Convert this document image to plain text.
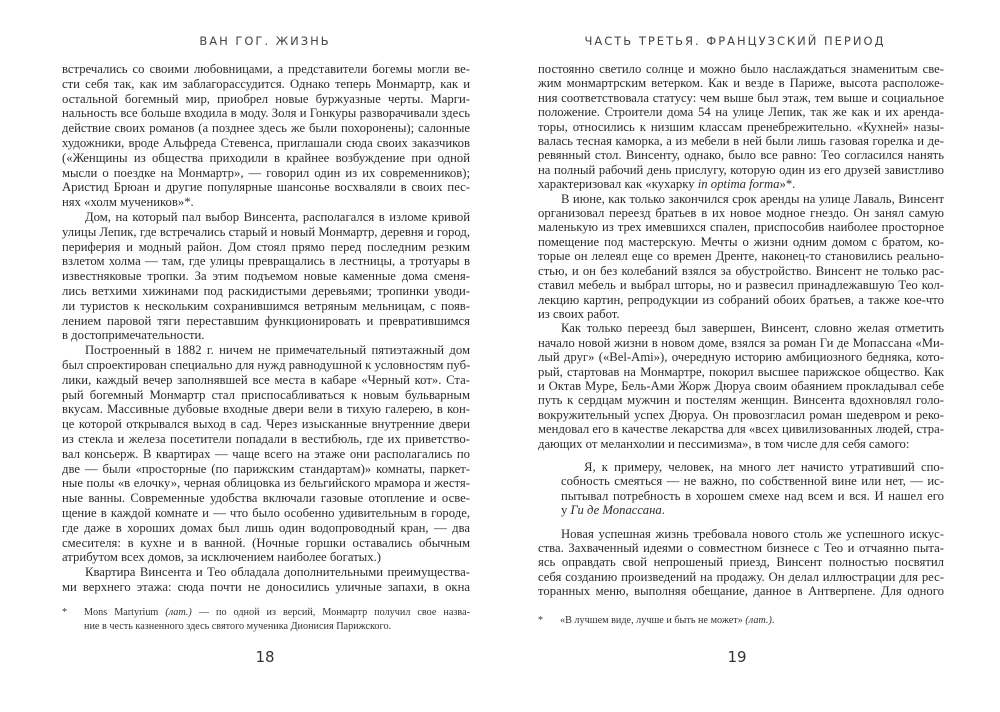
ВАН ГОГ. ЖИЗНЬ
встречались со своими любовницами, а представители богемы могли ве-
сти себя так, как им заблагорассудится. Однако теперь Монмартр, как и
остальной богемный мир, приобрел новые буржуазные черты. Марги-
нальность все больше входила в моду. Золя и Гонкуры разворачивали здесь
действие своих романов (а позднее здесь же были похоронены); салонные
художники, вроде Альфреда Стевенса, приглашали сюда своих заказчиков
(«Женщины из общества приходили в крайнее возбуждение при одной
мысли о поездке на Монмартр», — говорил один из их современников);
Аристид Брюан и другие популярные шансонье восхваляли в своих пес-
нях «холм мучеников»*.
Дом, на который пал выбор Винсента, располагался в изломе кривой
улицы Лепик, где встречались старый и новый Монмартр, деревня и город,
периферия и модный район. Дом стоял прямо перед последним резким
взлетом холма — там, где улицы превращались в лестницы, а тротуары в
известняковые тропки. За этим подъемом новые каменные дома сменя-
лись ветхими хижинами под раскидистыми деревьями; тропинки уводи-
ли туристов к нескольким сохранившимся ветряным мельницам, с появ-
лением паровой тяги переставшим функционировать и превратившимся
в достопримечательности.
Построенный в 1882 г. ничем не примечательный пятиэтажный дом
был спроектирован специально для нужд равнодушной к условностям пуб-
лики, каждый вечер заполнявшей все места в кабаре «Черный кот». Ста-
рый богемный Монмартр стал приспосабливаться к новым бульварным
вкусам. Массивные дубовые входные двери вели в тихую галерею, в кон-
це которой открывался выход в сад. Через изысканные внутренние двери
из стекла и железа посетители попадали в вестибюль, где их приветство-
вал консьерж. В квартирах — чаще всего на этаже они располагались по
две — были «просторные (по парижским стандартам)» комнаты, паркет-
ные полы «в елочку», черная облицовка из бельгийского мрамора и жестя-
ные ванны. Современные удобства включали газовые отопление и осве-
щение в каждой комнате и — что было особенно удивительным в городе,
где даже в хороших домах был лишь один водопроводный кран, — два
смесителя: в кухне и в ванной. (Ночные горшки оставались обычным
атрибутом всех домов, за исключением наиболее богатых.)
Квартира Винсента и Тео обладала дополнительными преимущества-
ми верхнего этажа: сюда почти не доносились уличные запахи, в окна
* Mons Martyrium (лат.) — по одной из версий, Монмартр получил свое назва-
ние в честь казненного здесь святого мученика Дионисия Парижского.
18
ЧАСТЬ ТРЕТЬЯ. ФРАНЦУЗСКИЙ ПЕРИОД
постоянно светило солнце и можно было наслаждаться знаменитым све-
жим монмартрским ветерком. Как и везде в Париже, высота расположе-
ния соответствовала статусу: чем выше был этаж, тем выше и социальное
положение. Строители дома 54 на улице Лепик, так же как и их аренда-
торы, относились к низшим классам пренебрежительно. «Кухней» назы-
валась тесная каморка, а из мебели в ней были лишь газовая горелка и де-
ревянный стол. Винсенту, однако, было все равно: Тео согласился нанять
на полный рабочий день прислугу, которую один из его друзей завистливо
характеризовал как «кухарку in optima forma»*.
В июне, как только закончился срок аренды на улице Лаваль, Винсент
организовал переезд братьев в их новое модное гнездо. Он занял самую
маленькую из трех имевшихся спален, приспособив наиболее просторное
помещение под мастерскую. Мечты о жизни одним домом с братом, ко-
торые он лелеял еще со времен Дренте, наконец-то становились реально-
стью, и он без колебаний взялся за обустройство. Винсент не только рас-
ставил мебель и выбрал шторы, но и развесил принадлежавшую Тео кол-
лекцию картин, репродукции из собраний обоих братьев, а также кое-что
из своих работ.
Как только переезд был завершен, Винсент, словно желая отметить
начало новой жизни в новом доме, взялся за роман Ги де Мопассана «Ми-
лый друг» («Bel-Ami»), очередную историю амбициозного бедняка, кото-
рый, стартовав на Монмартре, покорил высшее парижское общество. Как
и Октав Муре, Бель-Ами Жорж Дюруа своим обаянием прокладывал себе
путь к сердцам мужчин и постелям женщин. Винсента вдохновлял голо-
вокружительный успех Дюруа. Он провозгласил роман шедевром и реко-
мендовал его в качестве лекарства для «всех цивилизованных людей, стра-
дающих от меланхолии и пессимизма», в том числе для себя самого:
Я, к примеру, человек, на много лет начисто утративший спо-
собность смеяться — не важно, по собственной вине или нет, — ис-
пытывал потребность в хорошем смехе над всем и вся. И нашел его
у Ги де Мопассана.
Новая успешная жизнь требовала нового столь же успешного искус-
ства. Захваченный идеями о совместном бизнесе с Тео и отчаянно пыта-
ясь оправдать свой непрошеный приезд, Винсент полностью посвятил
себя созданию произведений на продажу. Он делал иллюстрации для рес-
торанных меню, выполняя обещание, данное в Антверпене. Для одного
* «В лучшем виде, лучше и быть не может» (лат.).
19
